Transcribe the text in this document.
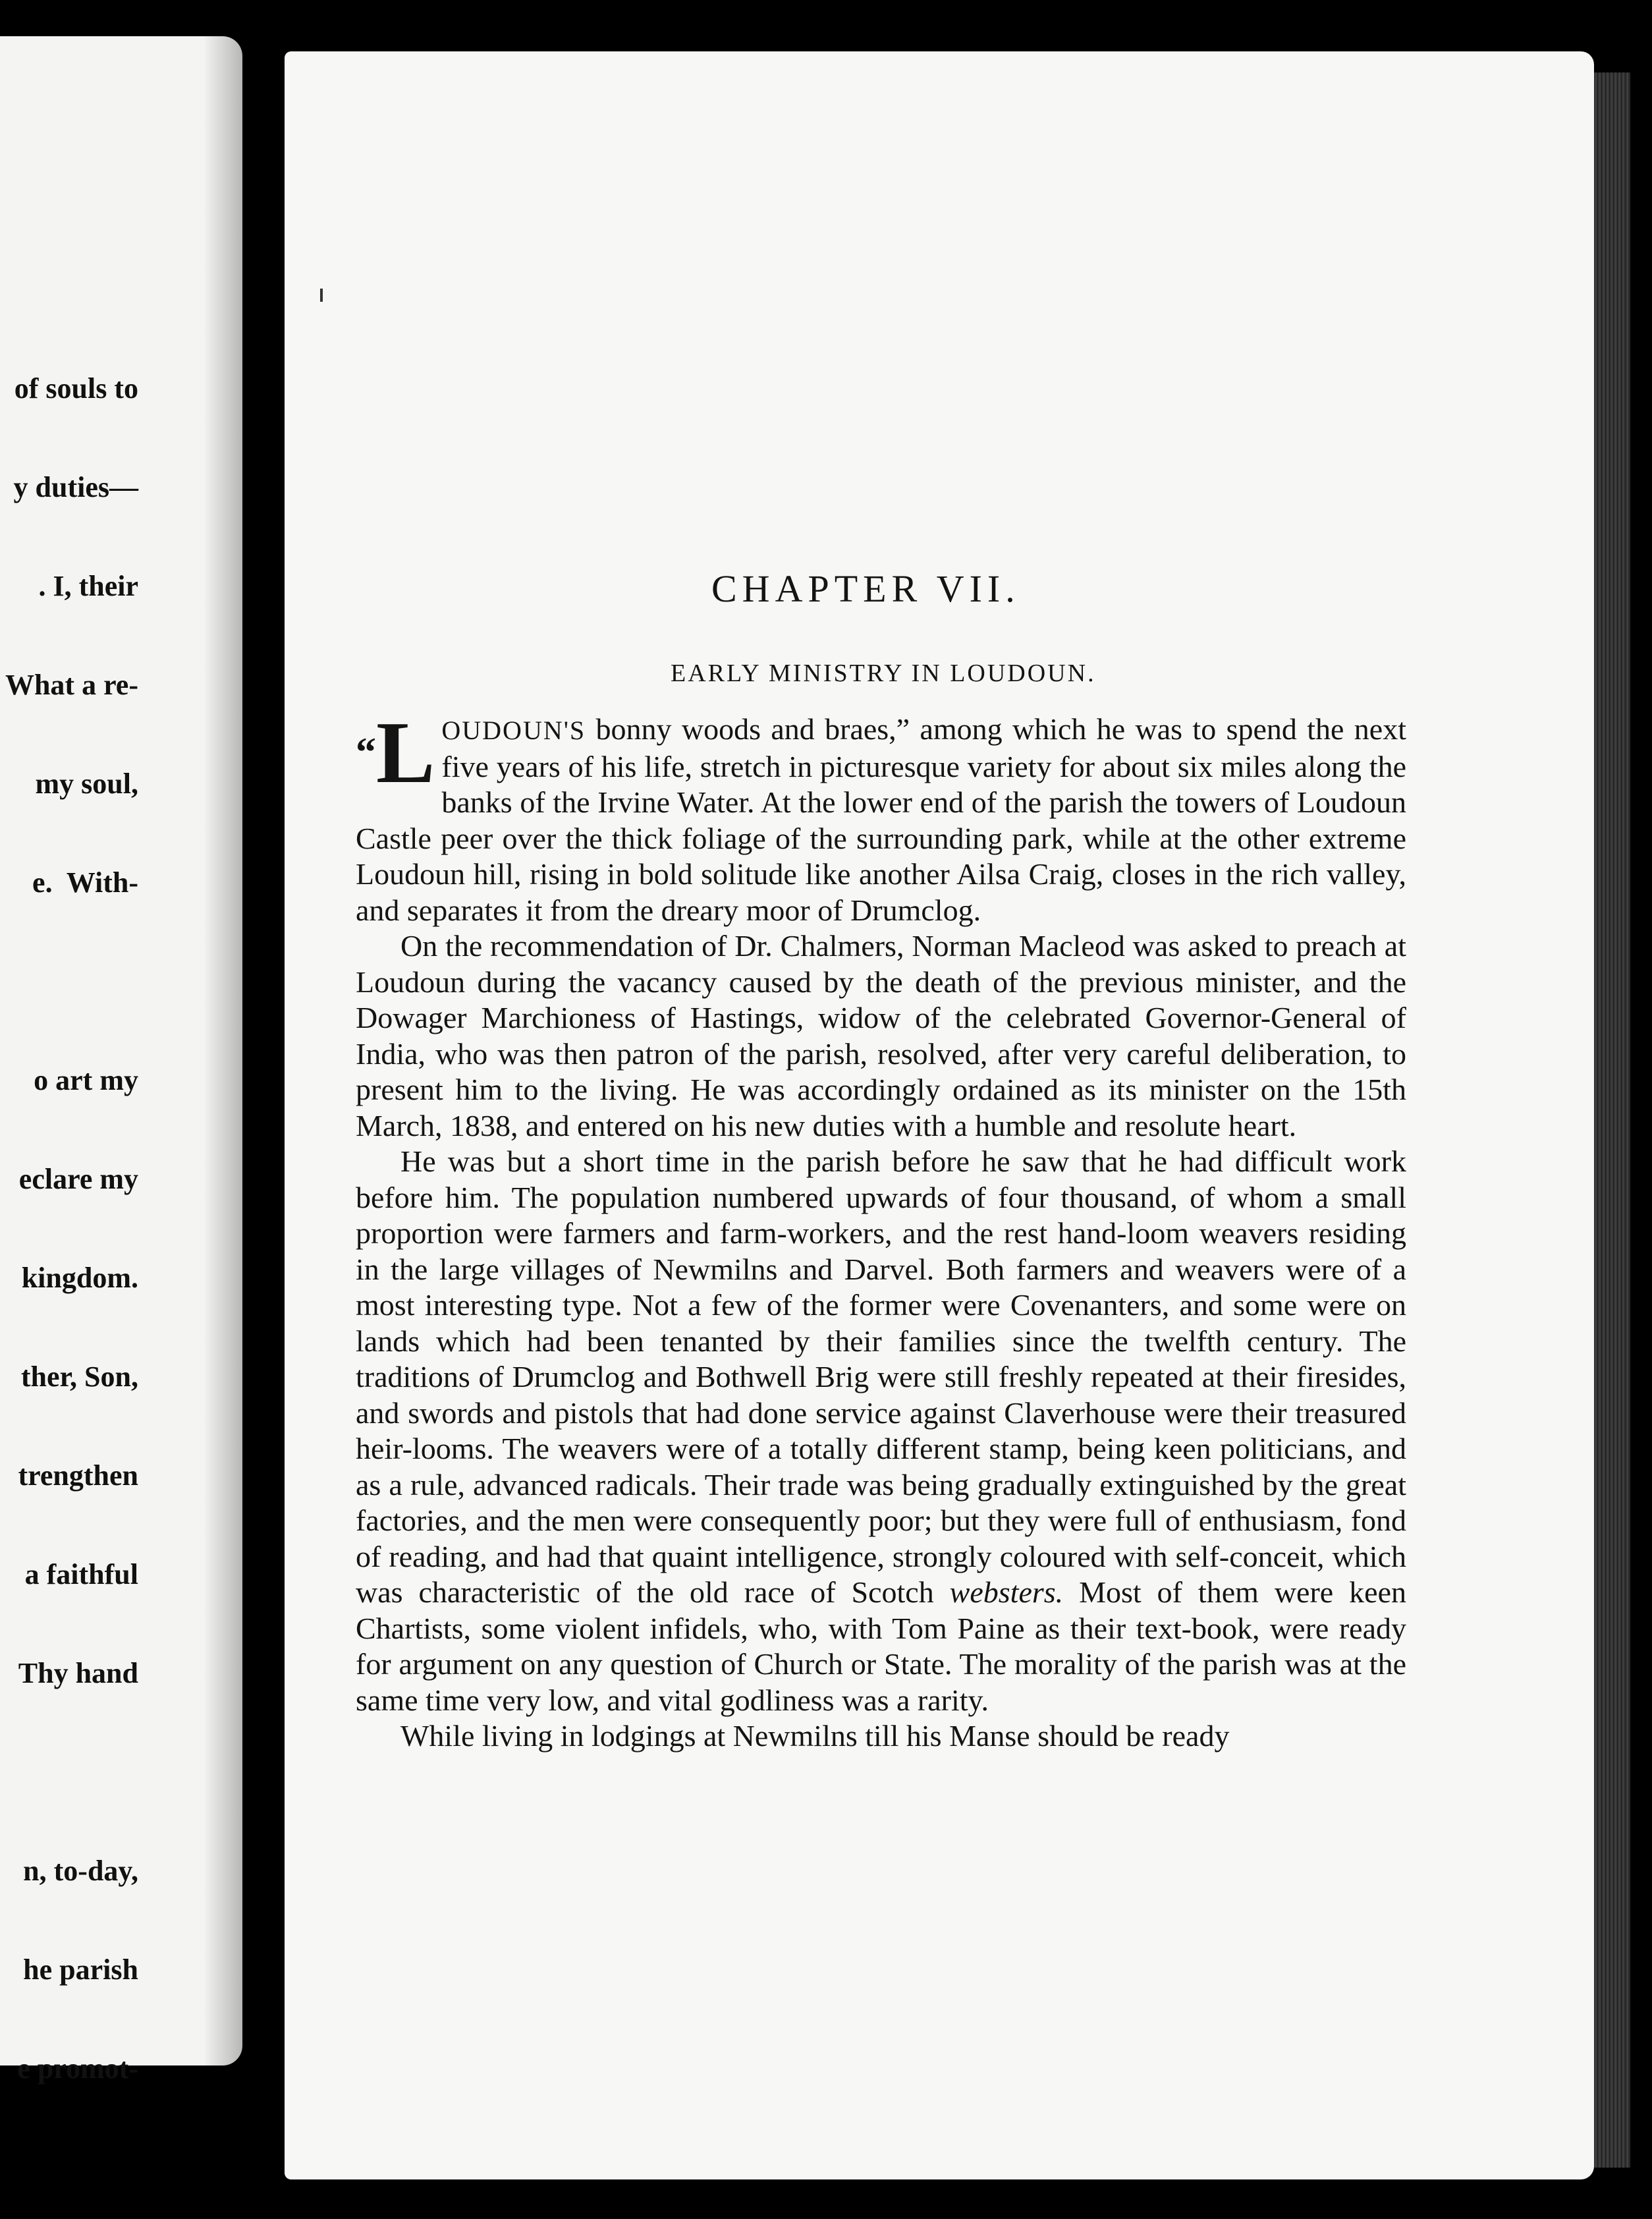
of souls to

y duties—

. I, their

What a re-

my soul,

e.  With-

o art my

eclare my

kingdom.

ther, Son,

trengthen

a faithful

Thy hand

n, to-day,

he parish

e promot-

CHAPTER VII.
EARLY MINISTRY IN LOUDOUN.

“L OUDOUN'S bonny woods and braes,” among which he was to spend the next five years of his life, stretch in picturesque variety for about six miles along the banks of the Irvine Water. At the lower end of the parish the towers of Loudoun Castle peer over the thick foliage of the surrounding park, while at the other extreme Loudoun hill, rising in bold solitude like another Ailsa Craig, closes in the rich valley, and separates it from the dreary moor of Drumclog.

On the recommendation of Dr. Chalmers, Norman Macleod was asked to preach at Loudoun during the vacancy caused by the death of the previous minister, and the Dowager Marchioness of Hastings, widow of the celebrated Governor-General of India, who was then patron of the parish, resolved, after very careful deliberation, to present him to the living. He was accordingly ordained as its minister on the 15th March, 1838, and entered on his new duties with a humble and resolute heart.

He was but a short time in the parish before he saw that he had difficult work before him. The population numbered upwards of four thousand, of whom a small proportion were farmers and farm-workers, and the rest hand-loom weavers residing in the large villages of Newmilns and Darvel. Both farmers and weavers were of a most interesting type. Not a few of the former were Covenanters, and some were on lands which had been tenanted by their families since the twelfth century. The traditions of Drumclog and Bothwell Brig were still freshly repeated at their firesides, and swords and pistols that had done service against Claverhouse were their treasured heir-looms. The weavers were of a totally different stamp, being keen politicians, and as a rule, advanced radicals. Their trade was being gradually extinguished by the great factories, and the men were consequently poor; but they were full of enthusiasm, fond of reading, and had that quaint intelligence, strongly coloured with self-conceit, which was characteristic of the old race of Scotch websters. Most of them were keen Chartists, some violent infidels, who, with Tom Paine as their text-book, were ready for argument on any question of Church or State. The morality of the parish was at the same time very low, and vital godliness was a rarity.

While living in lodgings at Newmilns till his Manse should be ready
